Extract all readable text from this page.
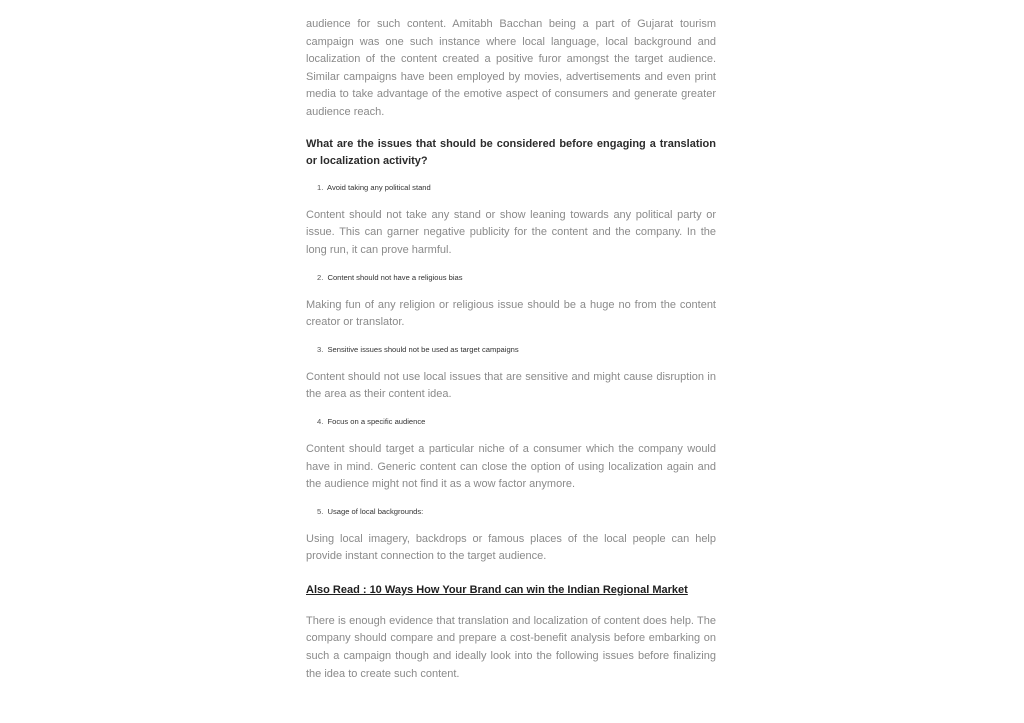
audience for such content. Amitabh Bacchan being a part of Gujarat tourism campaign was one such instance where local language, local background and localization of the content created a positive furor amongst the target audience. Similar campaigns have been employed by movies, advertisements and even print media to take advantage of the emotive aspect of consumers and generate greater audience reach.

What are the issues that should be considered before engaging a translation or localization activity?

1. Avoid taking any political stand

Content should not take any stand or show leaning towards any political party or issue. This can garner negative publicity for the content and the company. In the long run, it can prove harmful.

2. Content should not have a religious bias

Making fun of any religion or religious issue should be a huge no from the content creator or translator.

3. Sensitive issues should not be used as target campaigns

Content should not use local issues that are sensitive and might cause disruption in the area as their content idea.

4. Focus on a specific audience

Content should target a particular niche of a consumer which the company would have in mind. Generic content can close the option of using localization again and the audience might not find it as a wow factor anymore.

5. Usage of local backgrounds:

Using local imagery, backdrops or famous places of the local people can help provide instant connection to the target audience.

Also Read : 10 Ways How Your Brand can win the Indian Regional Market

There is enough evidence that translation and localization of content does help. The company should compare and prepare a cost-benefit analysis before embarking on such a campaign though and ideally look into the following issues before finalizing the idea to create such content.
